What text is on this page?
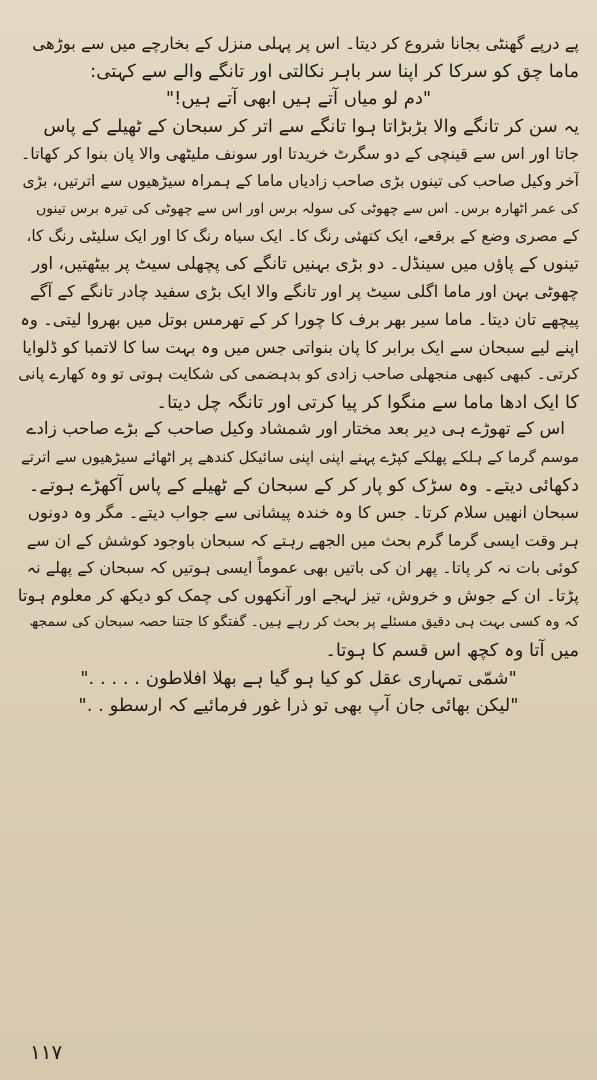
پے درپے گھنٹی بجانا شروع کر دیتا۔ اس پر پہلی منزل کے بخارچے میں سے بوڑھی
ماما چق کو سرکا کر اپنا سر باہر نکالتی اور تانگے والے سے کہتی:
"دم لو میاں آتے ہیں ابھی آتے ہیں!"
یہ سن کر تانگے والا بڑبڑاتا ہوا تانگے سے اتر کر سبحان کے ٹھیلے کے پاس
جاتا اور اس سے قینچی کے دو سگرٹ خریدتا اور سونف ملیٹھی والا پان بنوا کر کھاتا۔
آخر وکیل صاحب کی تینوں بڑی صاحب زادیاں ماما کے ہمراہ سیڑھیوں سے اترتیں، بڑی
کی عمر اٹھارہ برس۔ اس سے چھوٹی کی سولہ برس اور اس سے چھوٹی کی تیرہ برس تینوں
کے مصری وضع کے برقعے، ایک کتھئی رنگ کا۔ ایک سیاہ رنگ کا اور ایک سلیٹی رنگ کا،
تینوں کے پاؤں میں سینڈل۔ دو بڑی بہنیں تانگے کی پچھلی سیٹ پر بیٹھتیں، اور
چھوٹی بہن اور ماما اگلی سیٹ پر اور تانگے والا ایک بڑی سفید چادر تانگے کے آگے
پیچھے تان دیتا۔ ماما سیر بھر برف کا چورا کر کے تھرمس بوتل میں بھروا لیتی۔ وہ
اپنے لیے سبحان سے ایک برابر کا پان بنواتی جس میں وہ بہت سا کا لاتمبا کو ڈلوایا
کرتی۔ کبھی کبھی منجھلی صاحب زادی کو بدہضمی کی شکایت ہوتی تو وہ کھارے پانی
کا ایک ادھا ماما سے منگوا کر پیا کرتی اور تانگہ چل دیتا۔
اس کے تھوڑے ہی دیر بعد مختار اور شمشاد وکیل صاحب کے بڑے صاحب زادے
موسم گرما کے ہلکے پھلکے کپڑے پہنے اپنی اپنی سائیکل کندھے پر اٹھائے سیڑھیوں سے اترتے
دکھائی دیتے۔ وہ سڑک کو پار کر کے سبحان کے ٹھیلے کے پاس آکھڑے ہوتے۔
سبحان انھیں سلام کرتا۔ جس کا وہ خندہ پیشانی سے جواب دیتے۔ مگر وہ دونوں
ہر وقت ایسی گرما گرم بحث میں الجھے رہتے کہ سبحان باوجود کوشش کے ان سے
کوئی بات نہ کر پاتا۔ پھر ان کی باتیں بھی عموماً ایسی ہوتیں کہ سبحان کے پھلے نہ
پڑتا۔ ان کے جوش و خروش، تیز لہجے اور آنکھوں کی چمک کو دیکھ کر معلوم ہوتا
کہ وہ کسی بہت ہی دقیق مسئلے پر بحث کر رہے ہیں۔ گفتگو کا جتنا حصہ سبحان کی سمجھ
میں آتا وہ کچھ اس قسم کا ہوتا۔
"شمّی تمہاری عقل کو کیا ہو گیا ہے بھلا افلاطون . . . . ."
"لیکن بھائی جان آپ بھی تو ذرا غور فرمائیے کہ ارسطو . ."
۱۱۷
